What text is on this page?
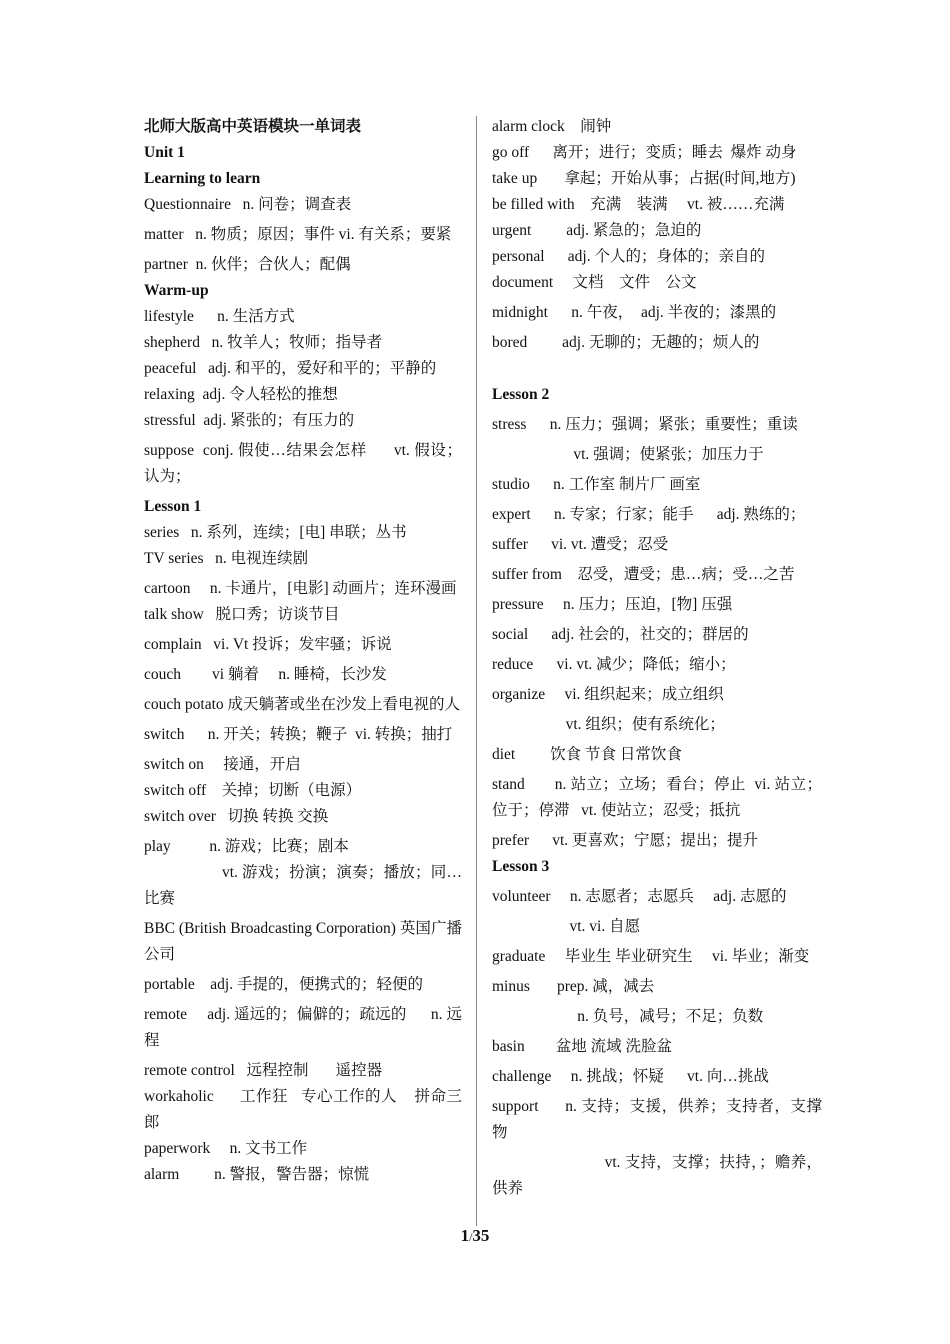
北师大版高中英语模块一单词表
Unit 1
Learning to learn
Questionnaire   n. 问卷；调查表
matter   n. 物质；原因；事件 vi. 有关系；要紧
partner  n. 伙伴；合伙人；配偶
Warm-up
lifestyle      n. 生活方式
shepherd   n. 牧羊人；牧师；指导者
peaceful   adj. 和平的，爱好和平的；平静的
relaxing  adj. 令人轻松的推想
stressful  adj. 紧张的；有压力的
suppose  conj. 假使…结果会怎样      vt. 假设；认为；
Lesson 1
series   n. 系列，连续；[电] 串联；丛书
TV series   n. 电视连续剧
cartoon     n. 卡通片，[电影] 动画片；连环漫画
talk show   脱口秀；访谈节目
complain   vi. Vt 投诉；发牢骚；诉说
couch        vi 躺着     n. 睡椅，长沙发
couch potato 成天躺著或坐在沙发上看电视的人
switch      n. 开关；转换；鞭子  vi. 转换；抽打
switch on     接通，开启
switch off    关掉；切断（电源）
switch over   切换 转换 交换
play          n. 游戏；比赛；剧本
vt. 游戏；扮演；演奏；播放；同…比赛
BBC (British Broadcasting Corporation) 英国广播公司
portable    adj. 手提的，便携式的；轻便的
remote     adj. 遥远的；偏僻的；疏远的      n. 远程
remote control   远程控制       遥控器
workaholic      工作狂   专心工作的人    拼命三郎
paperwork     n. 文书工作
alarm         n. 警报，警告器；惊慌
alarm clock    闹钟
go off      离开；进行；变质；睡去  爆炸 动身
take up       拿起；开始从事；占据(时间,地方)
be filled with    充满    装满     vt. 被……充满
urgent         adj. 紧急的；急迫的
personal      adj. 个人的；身体的；亲自的
document     文档    文件    公文
midnight      n. 午夜，  adj. 半夜的；漆黑的
bored         adj. 无聊的；无趣的；烦人的
Lesson 2
stress      n. 压力；强调；紧张；重要性；重读
vt. 强调；使紧张；加压力于
studio      n. 工作室 制片厂 画室
expert      n. 专家；行家；能手      adj. 熟练的；
suffer      vi. vt. 遭受；忍受
suffer from    忍受，遭受；患…病；受…之苦
pressure     n. 压力；压迫，[物] 压强
social      adj. 社会的，社交的；群居的
reduce      vi. vt. 减少；降低；缩小；
organize     vi. 组织起来；成立组织
vt. 组织；使有系统化；
diet         饮食 节食 日常饮食
stand       n. 站立；立场；看台；停止  vi. 站立；位于；停滞   vt. 使站立；忍受；抵抗
prefer      vt. 更喜欢；宁愿；提出；提升
Lesson 3
volunteer     n. 志愿者；志愿兵     adj. 志愿的
vt. vi. 自愿
graduate     毕业生 毕业研究生     vi. 毕业；渐变
minus       prep. 减，减去
n. 负号，减号；不足；负数
basin        盆地 流域 洗脸盆
challenge     n. 挑战；怀疑      vt. 向…挑战
support      n. 支持；支援，供养；支持者，支撑物
vt. 支持，支撑；扶持，；赡养，供养
1/35
